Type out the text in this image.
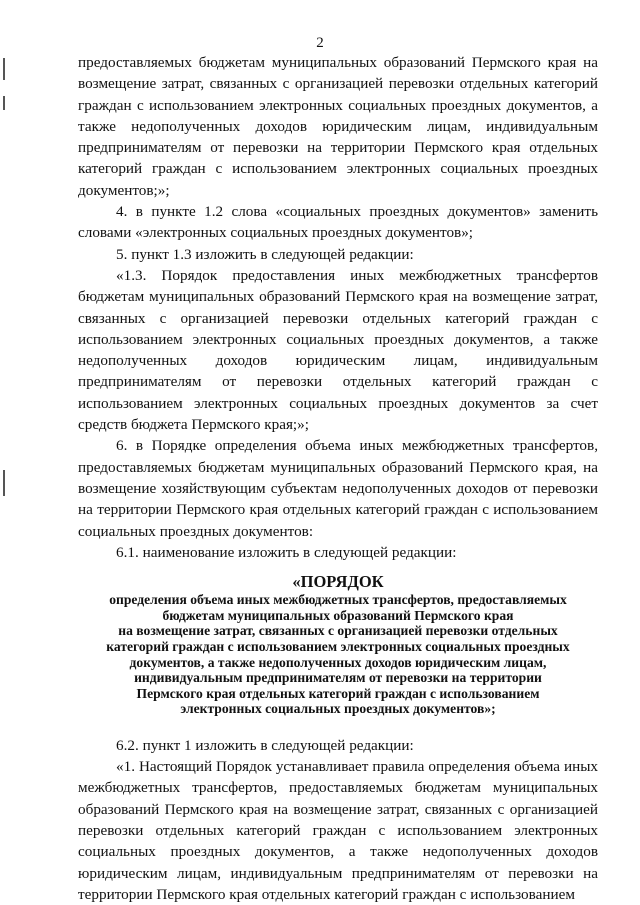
2

предоставляемых бюджетам муниципальных образований Пермского края на возмещение затрат, связанных с организацией перевозки отдельных категорий граждан с использованием электронных социальных проездных документов, а также недополученных доходов юридическим лицам, индивидуальным предпринимателям от перевозки на территории Пермского края отдельных категорий граждан с использованием электронных социальных проездных документов;»;

4. в пункте 1.2 слова «социальных проездных документов» заменить словами «электронных социальных проездных документов»;

5. пункт 1.3 изложить в следующей редакции:

«1.3. Порядок предоставления иных межбюджетных трансфертов бюджетам муниципальных образований Пермского края на возмещение затрат, связанных с организацией перевозки отдельных категорий граждан с использованием электронных социальных проездных документов, а также недополученных доходов юридическим лицам, индивидуальным предпринимателям от перевозки отдельных категорий граждан с использованием электронных социальных проездных документов за счет средств бюджета Пермского края;»;

6. в Порядке определения объема иных межбюджетных трансфертов, предоставляемых бюджетам муниципальных образований Пермского края, на возмещение хозяйствующим субъектам недополученных доходов от перевозки на территории Пермского края отдельных категорий граждан с использованием социальных проездных документов:

6.1. наименование изложить в следующей редакции:

«ПОРЯДОК
определения объема иных межбюджетных трансфертов, предоставляемых
бюджетам муниципальных образований Пермского края
на возмещение затрат, связанных с организацией перевозки отдельных
категорий граждан с использованием электронных социальных проездных
документов, а также недополученных доходов юридическим лицам,
индивидуальным предпринимателям от перевозки на территории
Пермского края отдельных категорий граждан с использованием
электронных социальных проездных документов»;

6.2. пункт 1 изложить в следующей редакции:

«1. Настоящий Порядок устанавливает правила определения объема иных межбюджетных трансфертов, предоставляемых бюджетам муниципальных образований Пермского края на возмещение затрат, связанных с организацией перевозки отдельных категорий граждан с использованием электронных социальных проездных документов, а также недополученных доходов юридическим лицам, индивидуальным предпринимателям от перевозки на территории Пермского края отдельных категорий граждан с использованием
